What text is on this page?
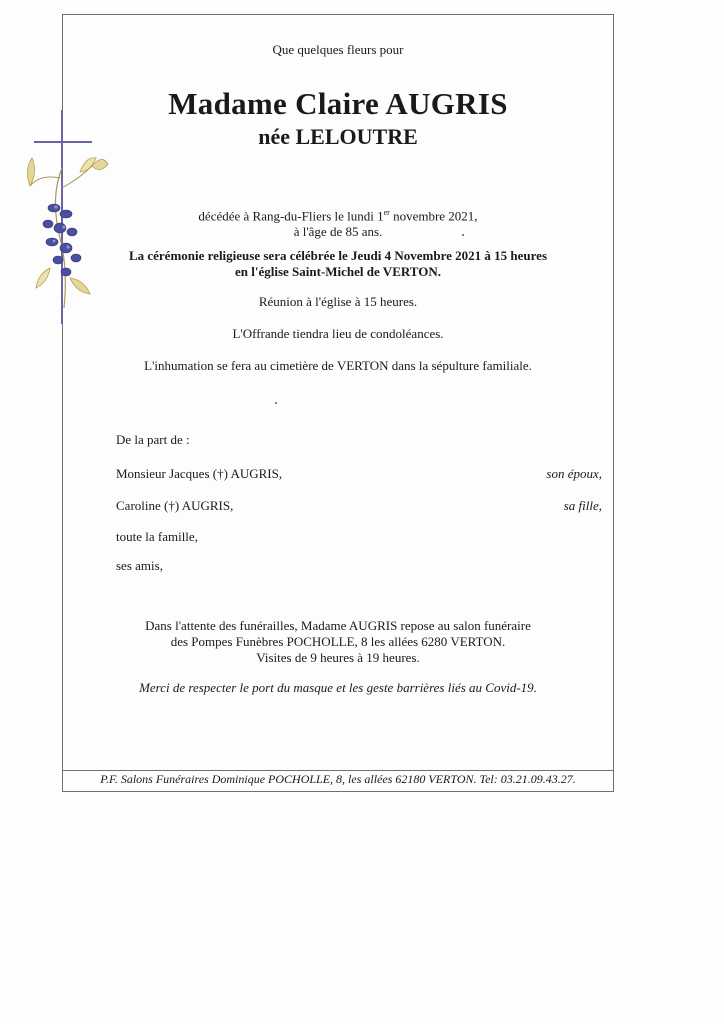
Que quelques fleurs pour
Madame Claire AUGRIS
née LELOUTRE
décédée à Rang-du-Fliers le lundi 1er novembre 2021,
à l'âge de 85 ans.
La cérémonie religieuse sera célébrée le Jeudi 4 Novembre 2021 à 15 heures
en l'église Saint-Michel de VERTON.
Réunion à l'église à 15 heures.
L'Offrande tiendra lieu de condoléances.
L'inhumation se fera au cimetière de VERTON dans la sépulture familiale.
De la part de :
Monsieur Jacques (†) AUGRIS,	son époux,
Caroline (†) AUGRIS,	sa fille,
toute la famille,
ses amis,
Dans l'attente des funérailles, Madame AUGRIS repose au salon funéraire
des Pompes Funèbres POCHOLLE, 8 les allées 6280 VERTON.
Visites de 9 heures à 19 heures.
Merci de respecter le port du masque et les geste barrières liés au Covid-19.
P.F. Salons Funéraires Dominique POCHOLLE, 8, les allées 62180 VERTON. Tel: 03.21.09.43.27.
